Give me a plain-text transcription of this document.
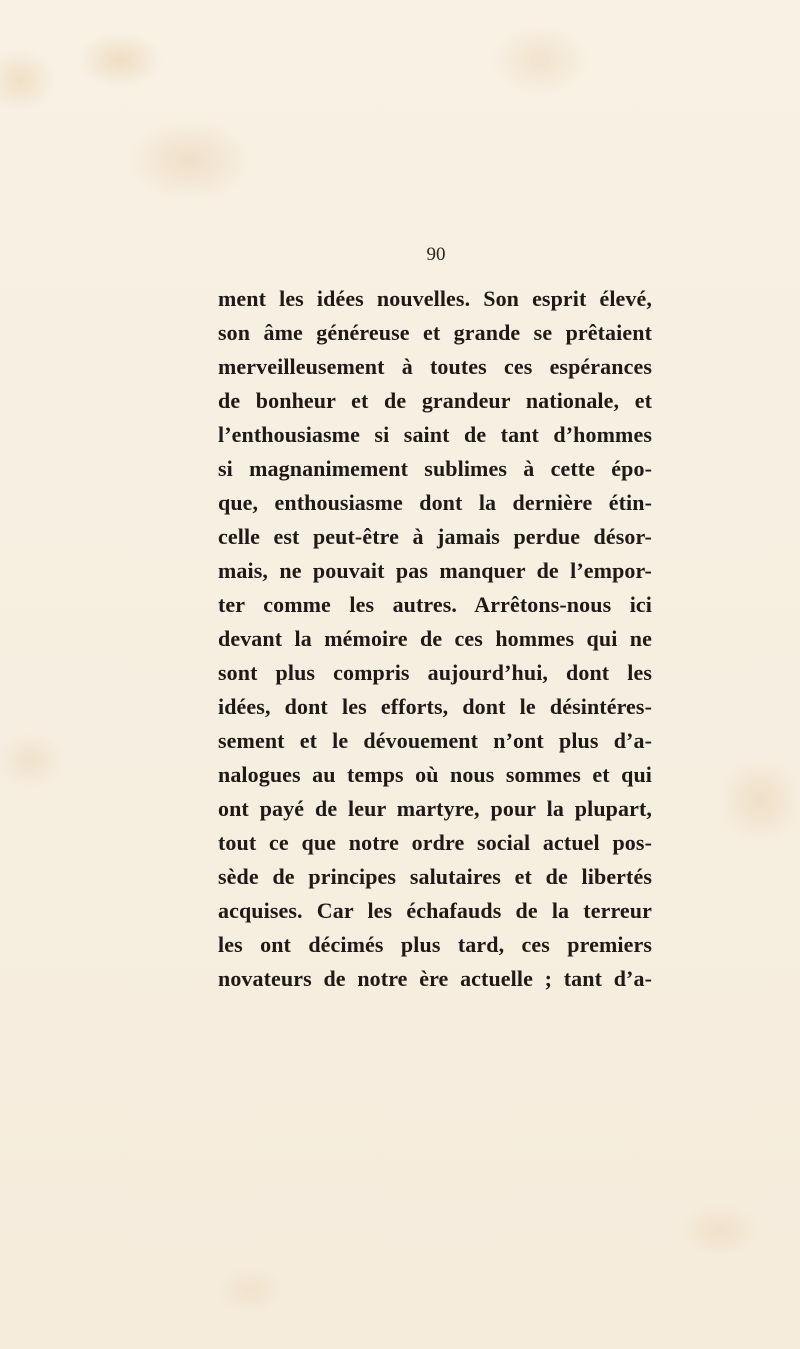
90
ment les idées nouvelles. Son esprit élevé,
son âme généreuse et grande se prêtaient
merveilleusement à toutes ces espérances
de bonheur et de grandeur nationale, et
l’enthousiasme si saint de tant d’hommes
si magnanimement sublimes à cette épo-
que, enthousiasme dont la dernière étin-
celle est peut-être à jamais perdue désor-
mais, ne pouvait pas manquer de l’empor-
ter comme les autres. Arrêtons-nous ici
devant la mémoire de ces hommes qui ne
sont plus compris aujourd’hui, dont les
idées, dont les efforts, dont le désintéres-
sement et le dévouement n’ont plus d’a-
nalogues au temps où nous sommes et qui
ont payé de leur martyre, pour la plupart,
tout ce que notre ordre social actuel pos-
sède de principes salutaires et de libertés
acquises. Car les échafauds de la terreur
les ont décimés plus tard, ces premiers
novateurs de notre ère actuelle ; tant d’a-
